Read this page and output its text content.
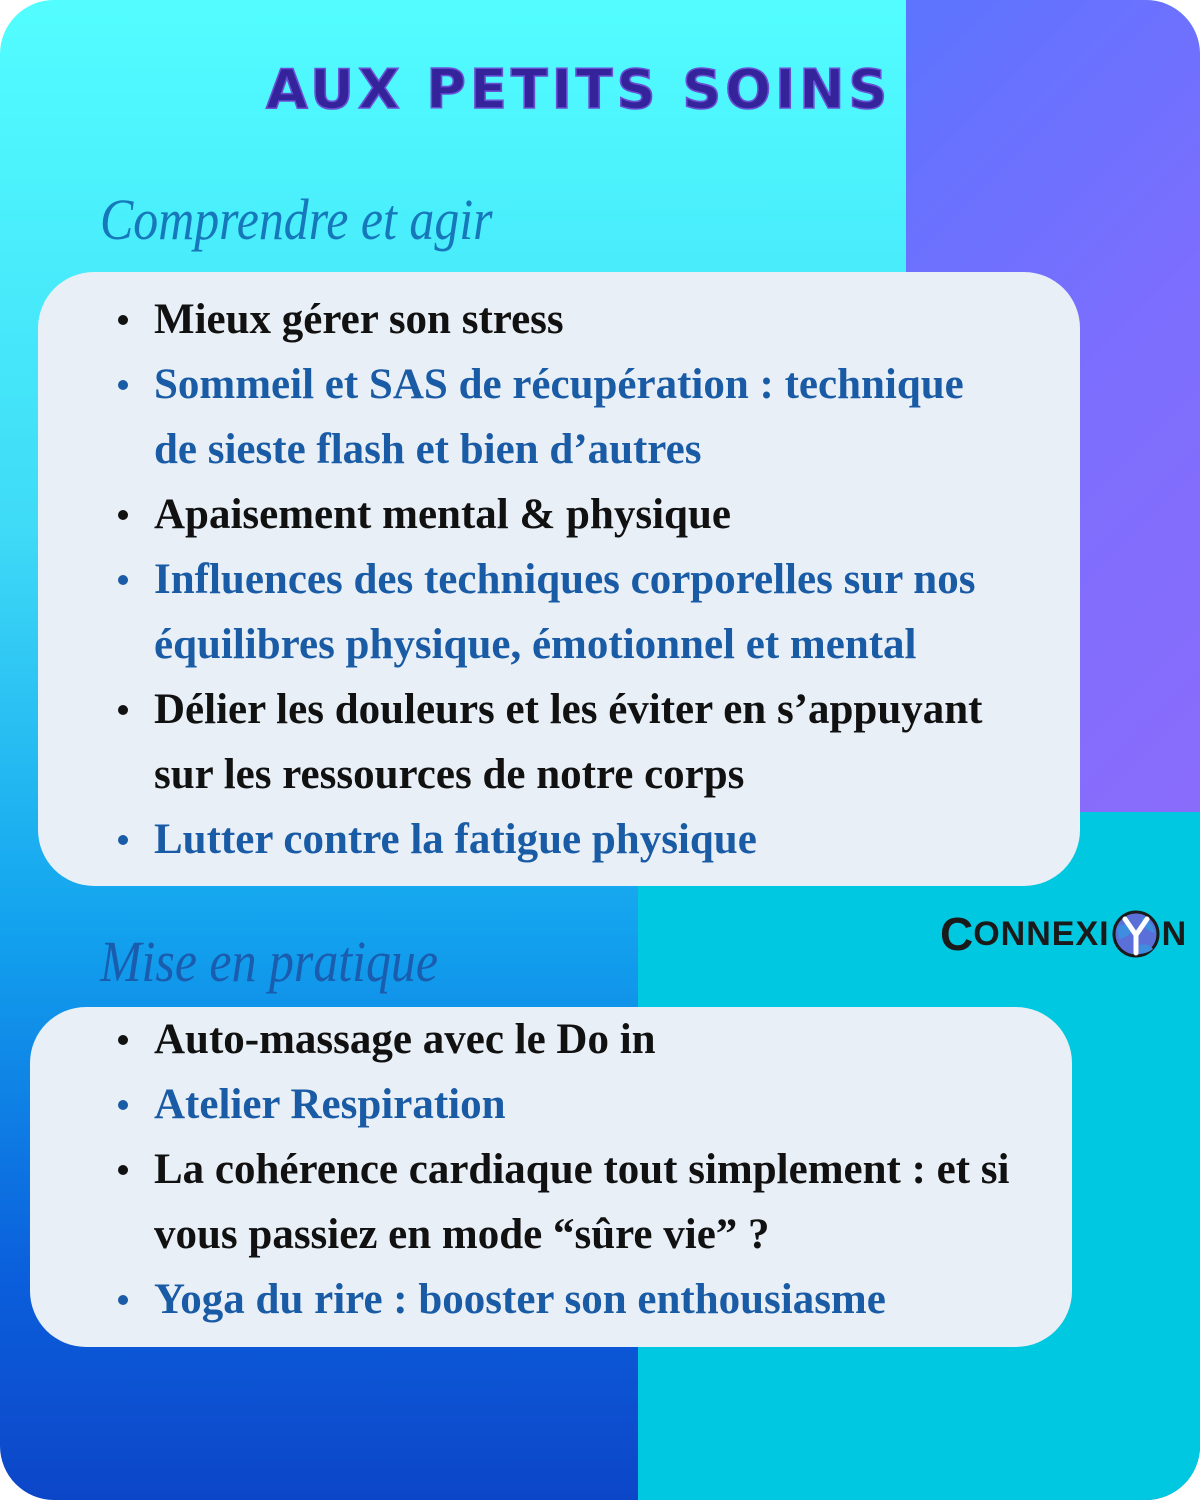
AUX PETITS SOINS
Comprendre et agir
Mieux gérer son stress
Sommeil et SAS de récupération : technique de sieste flash et bien d’autres
Apaisement mental & physique
Influences des techniques corporelles sur nos équilibres physique, émotionnel et mental
Délier les douleurs et les éviter en s’appuyant sur les ressources de notre corps
Lutter contre la fatigue physique
C ONNEXI N
Mise en pratique
Auto-massage avec le Do in
Atelier Respiration
La cohérence cardiaque tout simplement : et si vous passiez en mode “sûre vie” ?
Yoga du rire : booster son enthousiasme
